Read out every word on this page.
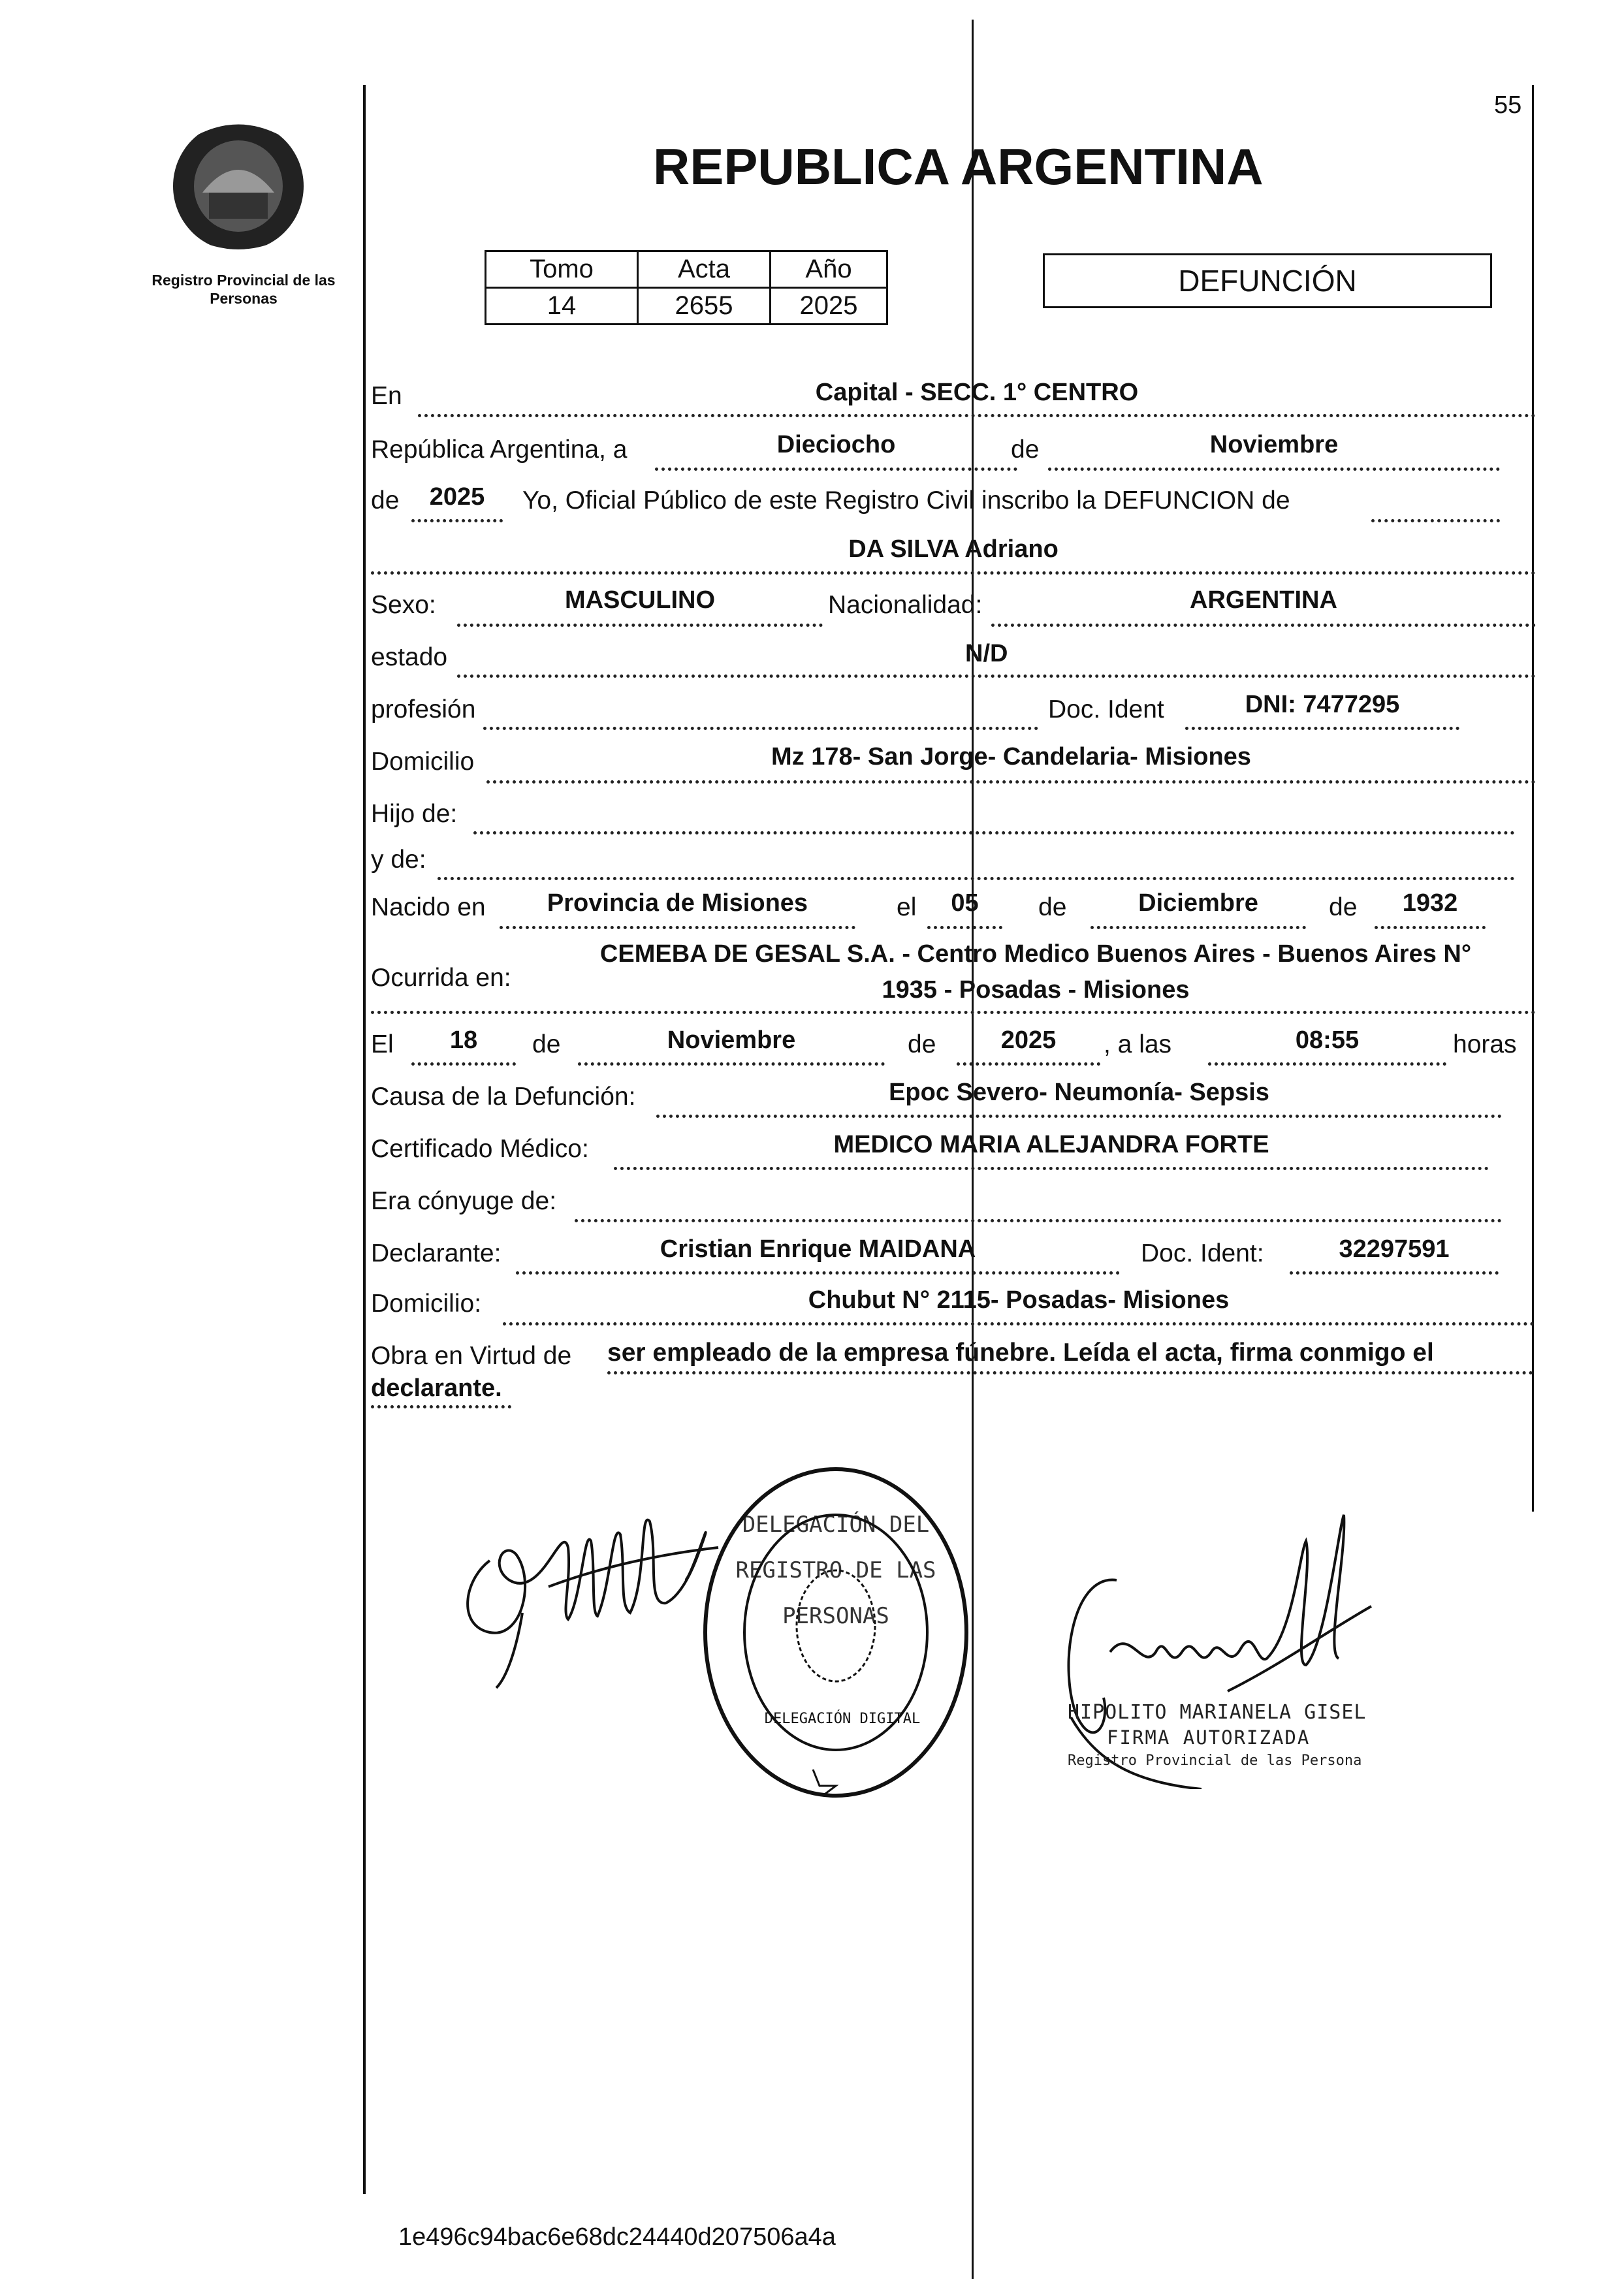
55
Registro Provincial de las Personas
REPUBLICA ARGENTINA
Tomo	Acta	Año
14	2655	2025
DEFUNCIÓN
En	Capital - SECC. 1° CENTRO
República Argentina, a	Dieciocho	de	Noviembre
de	2025	Yo, Oficial Público de este Registro Civil inscribo la DEFUNCION de
DA SILVA Adriano
Sexo:	MASCULINO	Nacionalidad:	ARGENTINA
estado	N/D
profesión	Doc. Ident	DNI: 7477295
Domicilio	Mz 178- San Jorge- Candelaria- Misiones
Hijo de:
y de:
Nacido en	Provincia de Misiones	el	05	de	Diciembre	de	1932
Ocurrida en:
CEMEBA DE GESAL S.A. - Centro Medico Buenos Aires - Buenos Aires N°
1935 - Posadas - Misiones
El	18	de	Noviembre	de	2025	, a las	08:55	horas
Causa de la Defunción:	Epoc Severo- Neumonía- Sepsis
Certificado Médico:	MEDICO MARIA ALEJANDRA FORTE
Era cónyuge de:
Declarante:	Cristian Enrique MAIDANA	Doc. Ident:	32297591
Domicilio:	Chubut N° 2115- Posadas- Misiones
Obra en Virtud de ser empleado de la empresa fúnebre. Leída el acta, firma conmigo el
declarante.
DELEGACIÓN DEL REGISTRO DE LAS PERSONAS
DELEGACIÓN DIGITAL	HIPOLITO MARIANELA GISEL
FIRMA AUTORIZADA
Registro Provincial de las Persona
1e496c94bac6e68dc24440d207506a4a
